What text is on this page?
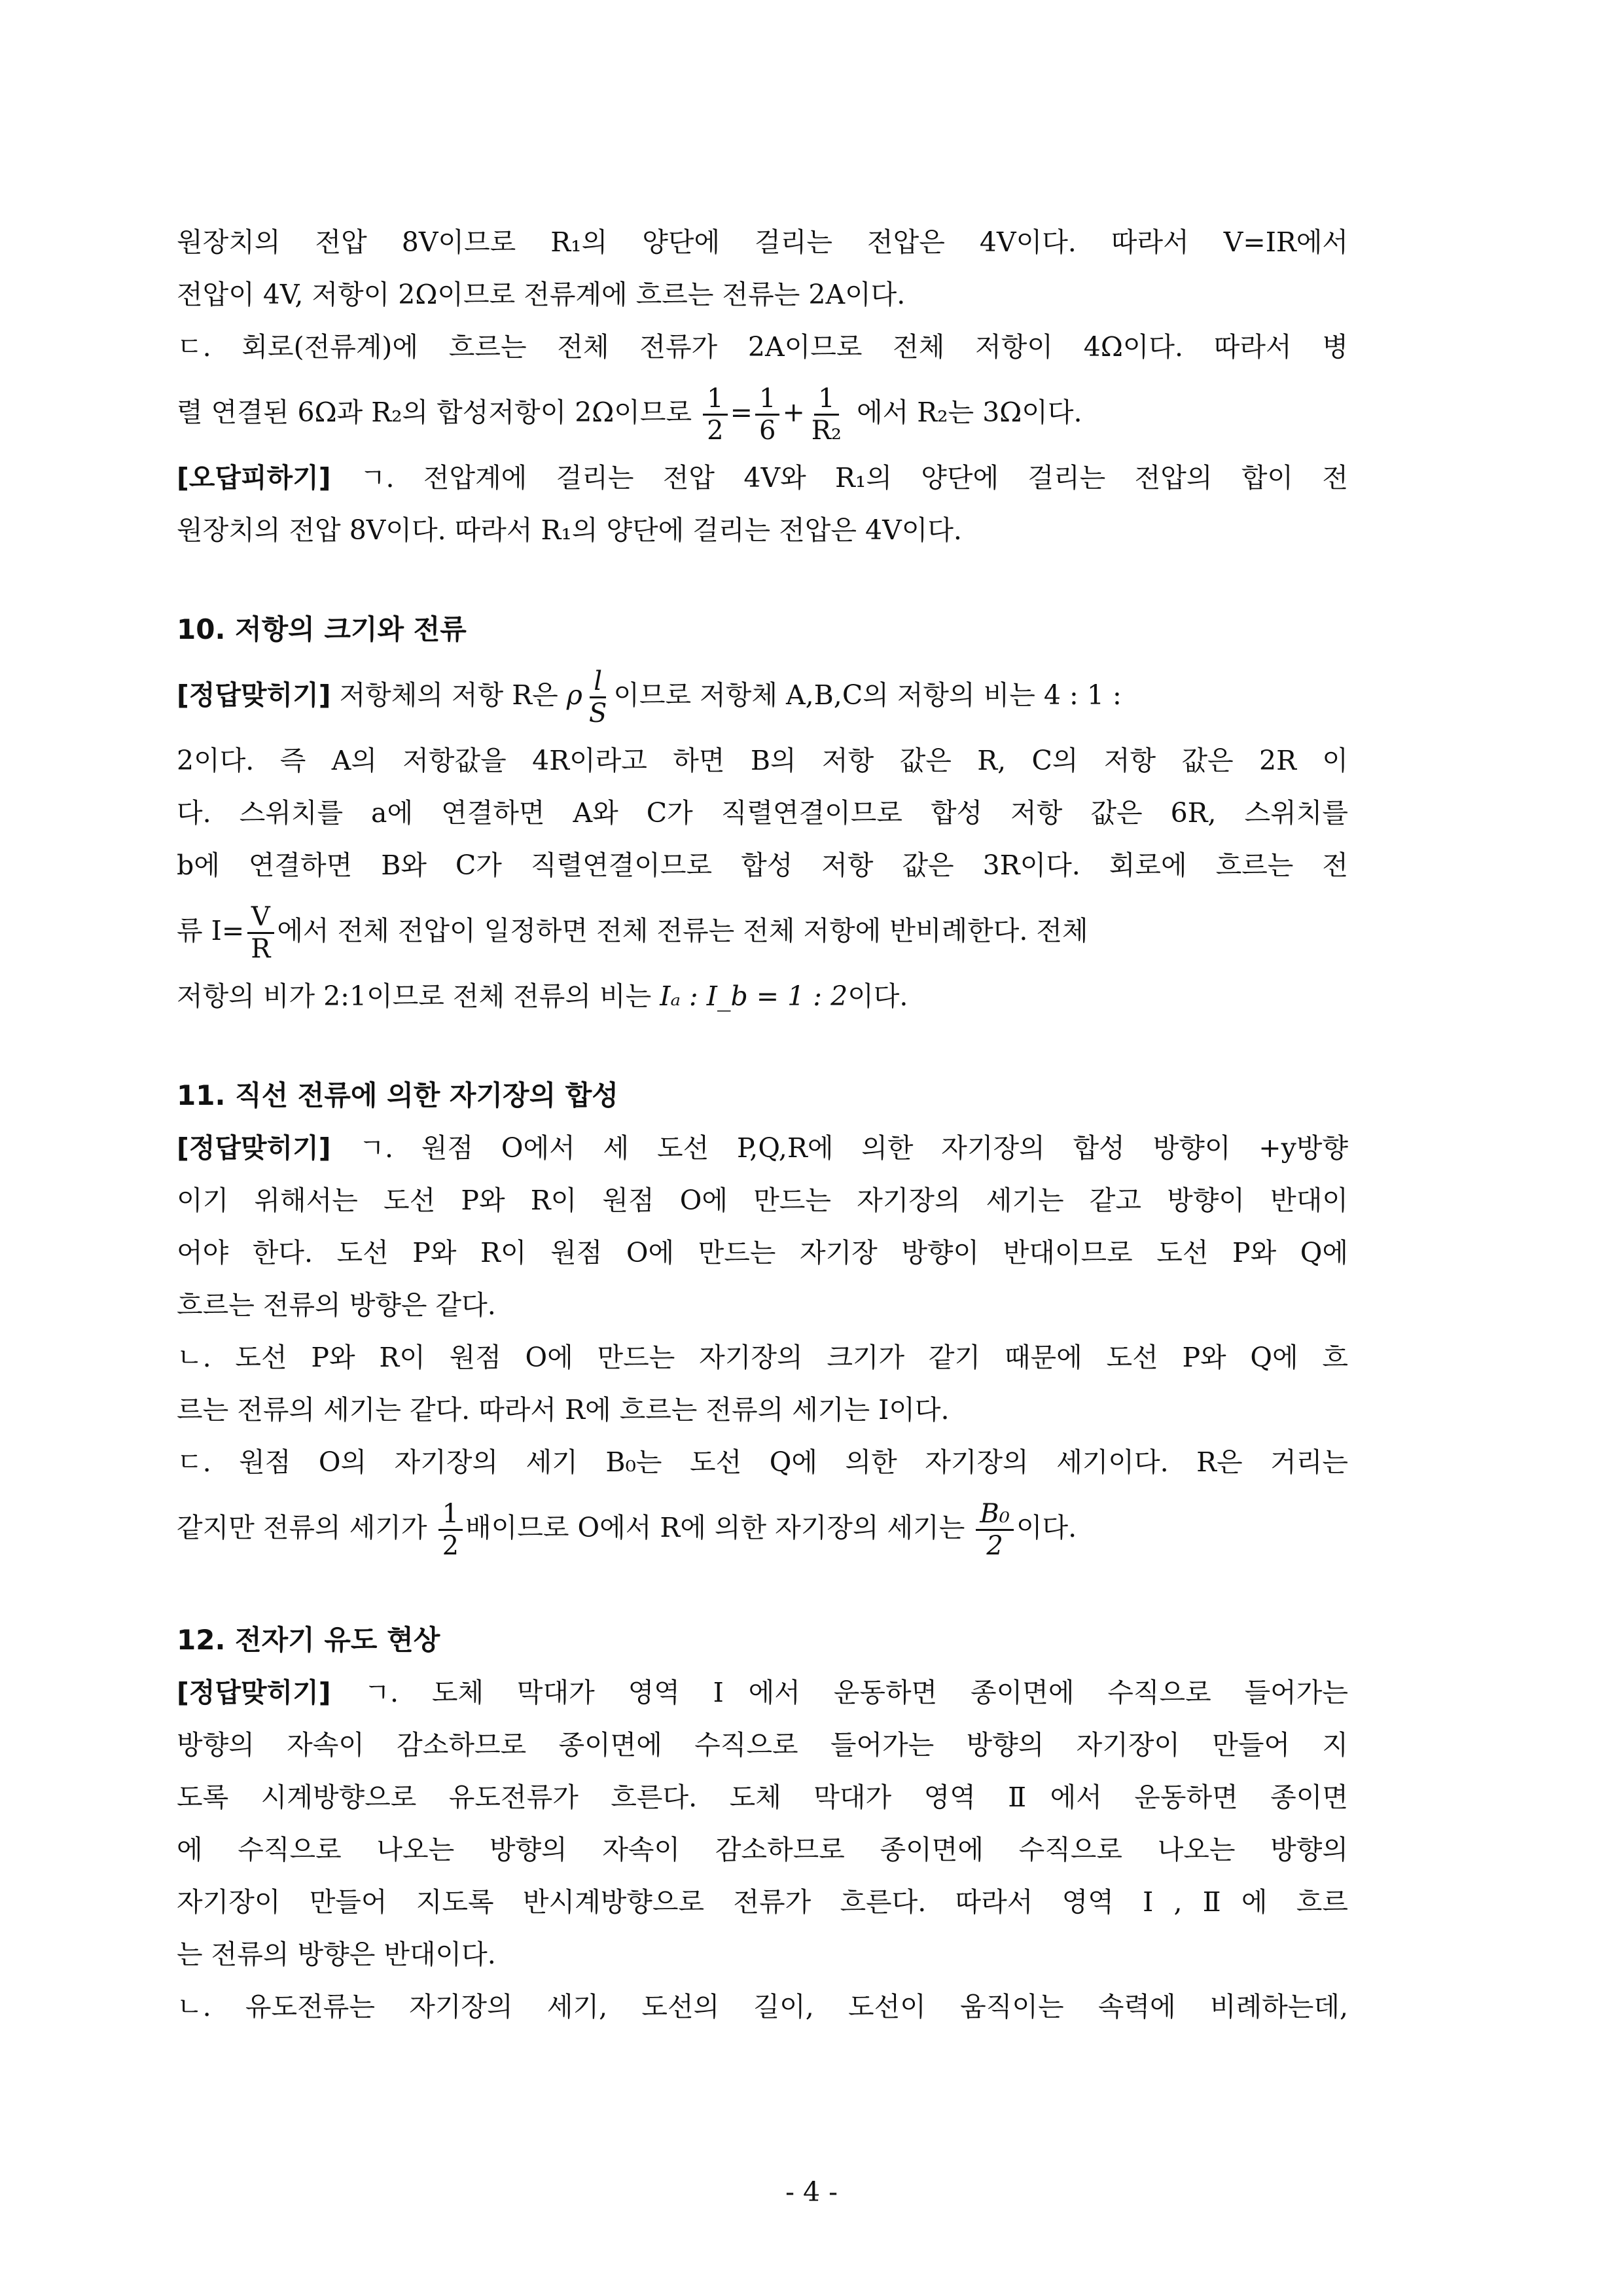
원장치의 전압 8V이므로 R₁의 양단에 걸리는 전압은 4V이다. 따라서 V=IR에서

전압이 4V, 저항이 2Ω이므로 전류계에 흐르는 전류는 2A이다.

ㄷ. 회로(전류계)에 흐르는 전체 전류가 2A이므로 전체 저항이 4Ω이다. 따라서 병

렬 연결된 6Ω과 R₂의 합성저항이 2Ω이므로 $\frac{1}{2} = \frac{1}{6} + \frac{1}{\text{R₂}}$ 에서 R₂는 3Ω이다.

[오답피하기] ㄱ. 전압계에 걸리는 전압 4V와 R₁의 양단에 걸리는 전압의 합이 전

원장치의 전압 8V이다. 따라서 R₁의 양단에 걸리는 전압은 4V이다.

10. 저항의 크기와 전류

[정답맞히기] 저항체의 저항 R은 ρ $\frac{l}{S}$ 이므로 저항체 A,B,C의 저항의 비는 4 : 1 :

2이다. 즉 A의 저항값을 4R이라고 하면 B의 저항 값은 R, C의 저항 값은 2R 이

다. 스위치를 a에 연결하면 A와 C가 직렬연결이므로 합성 저항 값은 6R, 스위치를

b에 연결하면 B와 C가 직렬연결이므로 합성 저항 값은 3R이다. 회로에 흐르는 전

류 $I= \frac{V}{R}$ 에서 전체 전압이 일정하면 전체 전류는 전체 저항에 반비례한다. 전체

저항의 비가 2:1이므로 전체 전류의 비는 Iₐ : I_b = 1 : 2이다.

11. 직선 전류에 의한 자기장의 합성

[정답맞히기] ㄱ. 원점 O에서 세 도선 P,Q,R에 의한 자기장의 합성 방향이 +y방향

이기 위해서는 도선 P와 R이 원점 O에 만드는 자기장의 세기는 같고 방향이 반대이

어야 한다. 도선 P와 R이 원점 O에 만드는 자기장 방향이 반대이므로 도선 P와 Q에

흐르는 전류의 방향은 같다.

ㄴ. 도선 P와 R이 원점 O에 만드는 자기장의 크기가 같기 때문에 도선 P와 Q에 흐

르는 전류의 세기는 같다. 따라서 R에 흐르는 전류의 세기는 I이다.

ㄷ. 원점 O의 자기장의 세기 B₀는 도선 Q에 의한 자기장의 세기이다. R은 거리는

같지만 전류의 세기가 $\frac{1}{2}$ 배이므로 O에서 R에 의한 자기장의 세기는 $\frac{\text{B₀}}{2}$ 이다.

12. 전자기 유도 현상

[정답맞히기] ㄱ. 도체 막대가 영역 Ⅰ에서 운동하면 종이면에 수직으로 들어가는

방향의 자속이 감소하므로 종이면에 수직으로 들어가는 방향의 자기장이 만들어 지

도록 시계방향으로 유도전류가 흐른다. 도체 막대가 영역 Ⅱ에서 운동하면 종이면

에 수직으로 나오는 방향의 자속이 감소하므로 종이면에 수직으로 나오는 방향의

자기장이 만들어 지도록 반시계방향으로 전류가 흐른다. 따라서 영역 Ⅰ,Ⅱ에 흐르

는 전류의 방향은 반대이다.

ㄴ. 유도전류는 자기장의 세기, 도선의 길이, 도선이 움직이는 속력에 비례하는데,

- 4 -
